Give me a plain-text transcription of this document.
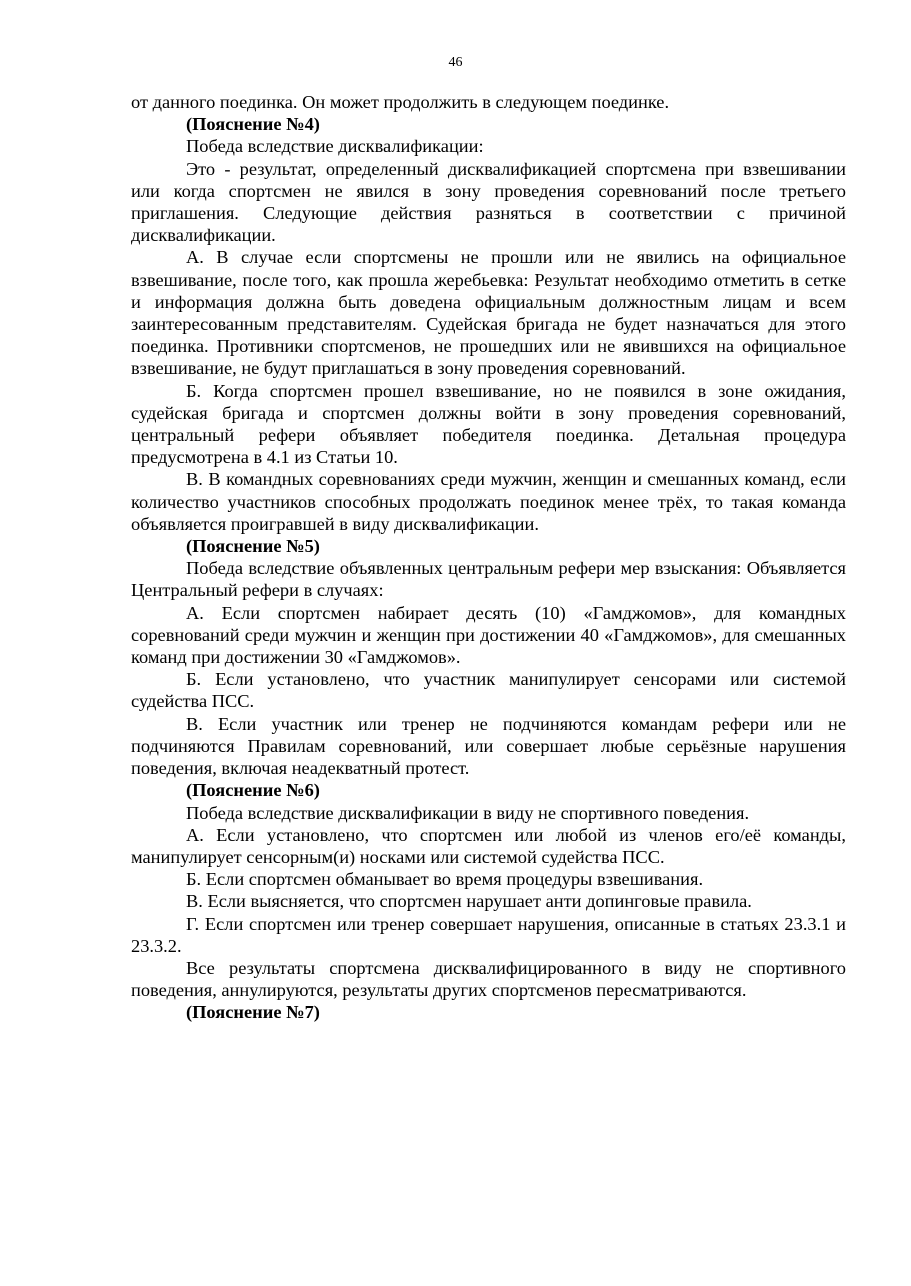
46

от данного поединка. Он может продолжить в следующем поединке.

(Пояснение №4)

Победа вследствие дисквалификации:

Это - результат, определенный дисквалификацией спортсмена при взвешивании или когда спортсмен не явился в зону проведения соревнований после третьего приглашения. Следующие действия разняться в соответствии с причиной дисквалификации.

А. В случае если спортсмены не прошли или не явились на официальное взвешивание, после того, как прошла жеребьевка: Результат необходимо отметить в сетке и информация должна быть доведена официальным должностным лицам и всем заинтересованным представителям. Судейская бригада не будет назначаться для этого поединка. Противники спортсменов, не прошедших или не явившихся на официальное взвешивание, не будут приглашаться в зону проведения соревнований.

Б. Когда спортсмен прошел взвешивание, но не появился в зоне ожидания, судейская бригада и спортсмен должны войти в зону проведения соревнований, центральный рефери объявляет победителя поединка. Детальная процедура предусмотрена в 4.1 из Статьи 10.

В. В командных соревнованиях среди мужчин, женщин и смешанных команд, если количество участников способных продолжать поединок менее трёх, то такая команда объявляется проигравшей в виду дисквалификации.

(Пояснение №5)

Победа вследствие объявленных центральным рефери мер взыскания: Объявляется Центральный рефери в случаях:

А. Если спортсмен набирает десять (10) «Гамджомов», для командных соревнований среди мужчин и женщин при достижении 40 «Гамджомов», для смешанных команд при достижении 30 «Гамджомов».

Б. Если установлено, что участник манипулирует сенсорами или системой судейства ПСС.

В. Если участник или тренер не подчиняются командам рефери или не подчиняются Правилам соревнований, или совершает любые серьёзные нарушения поведения, включая неадекватный протест.

(Пояснение №6)

Победа вследствие дисквалификации в виду не спортивного поведения.

А. Если установлено, что спортсмен или любой из членов его/её команды, манипулирует сенсорным(и) носками или системой судейства ПСС.

Б. Если спортсмен обманывает во время процедуры взвешивания.

В. Если выясняется, что спортсмен нарушает анти допинговые правила.

Г. Если спортсмен или тренер совершает нарушения, описанные в статьях 23.3.1 и 23.3.2.

Все результаты спортсмена дисквалифицированного в виду не спортивного поведения, аннулируются, результаты других спортсменов пересматриваются.

(Пояснение №7)
